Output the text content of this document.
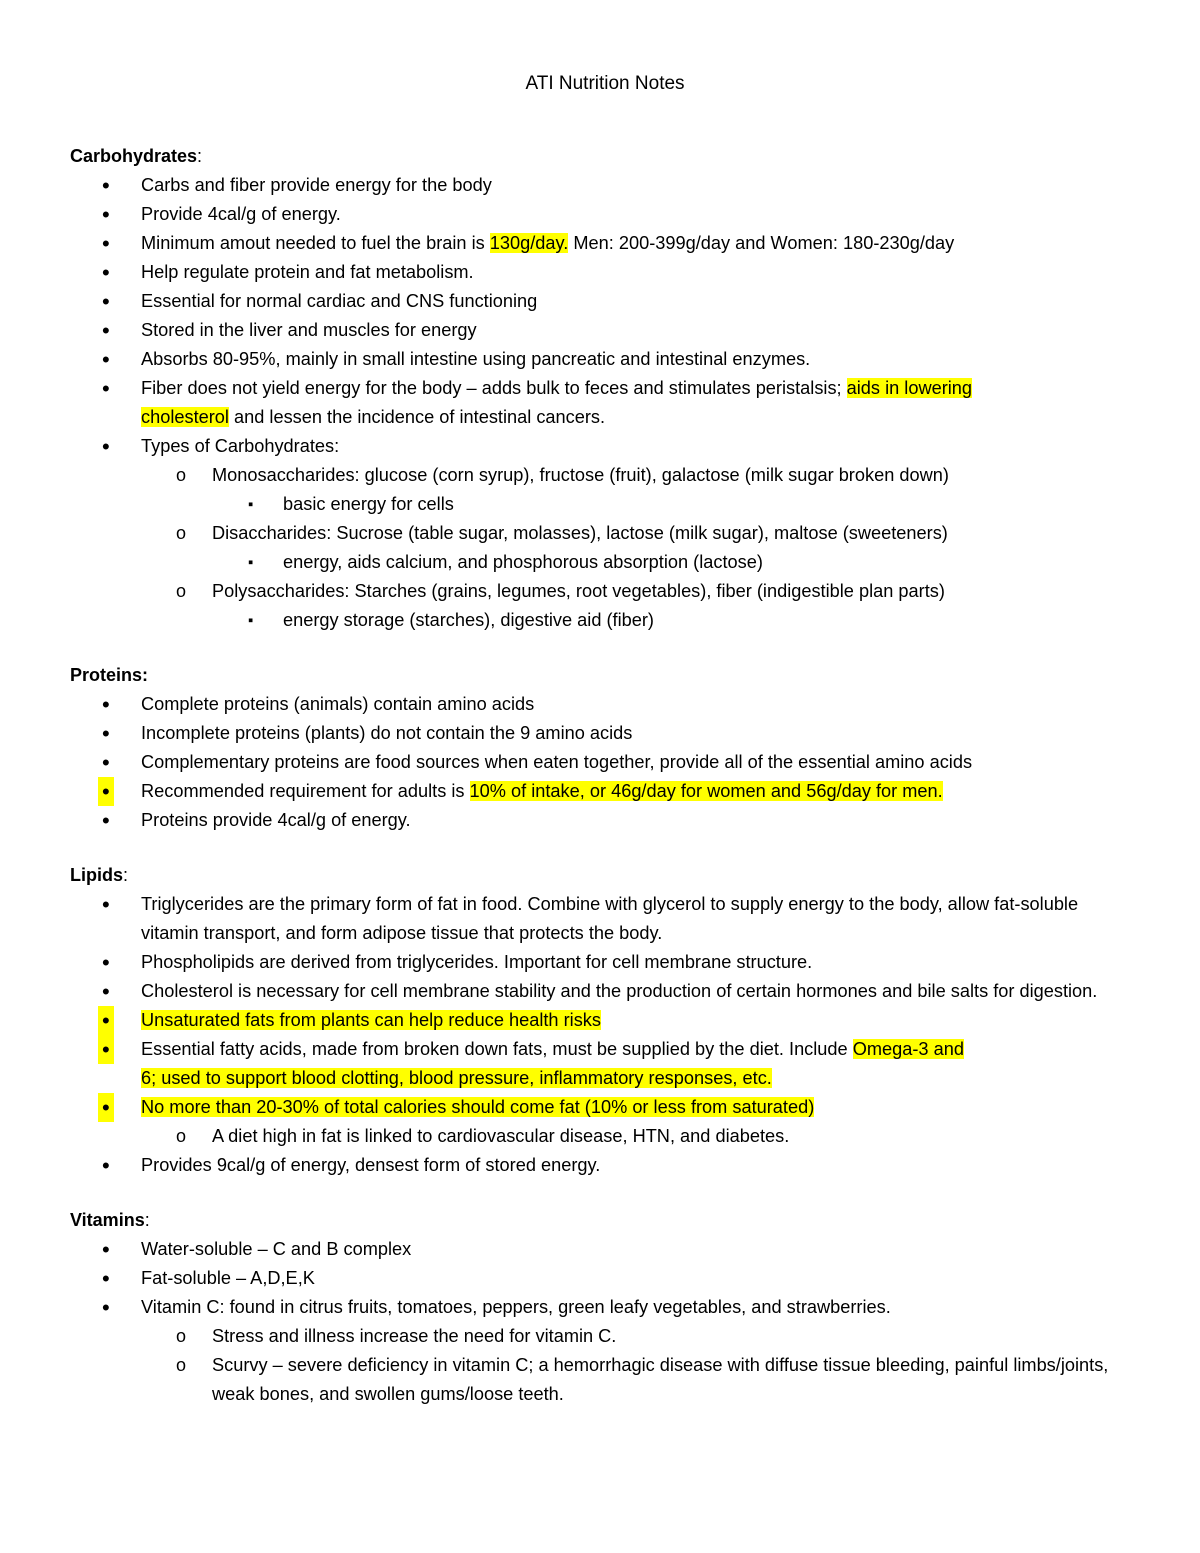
ATI Nutrition Notes
Carbohydrates:
• Carbs and fiber provide energy for the body
• Provide 4cal/g of energy.
• Minimum amout needed to fuel the brain is 130g/day. Men: 200-399g/day and Women: 180-230g/day
• Help regulate protein and fat metabolism.
• Essential for normal cardiac and CNS functioning
• Stored in the liver and muscles for energy
• Absorbs 80-95%, mainly in small intestine using pancreatic and intestinal enzymes.
• Fiber does not yield energy for the body – adds bulk to feces and stimulates peristalsis; aids in lowering
cholesterol and lessen the incidence of intestinal cancers.
• Types of Carbohydrates:
o Monosaccharides: glucose (corn syrup), fructose (fruit), galactose (milk sugar broken down)
▪ basic energy for cells
o Disaccharides: Sucrose (table sugar, molasses), lactose (milk sugar), maltose (sweeteners)
▪ energy, aids calcium, and phosphorous absorption (lactose)
o Polysaccharides: Starches (grains, legumes, root vegetables), fiber (indigestible plan parts)
▪ energy storage (starches), digestive aid (fiber)
Proteins:
• Complete proteins (animals) contain amino acids
• Incomplete proteins (plants) do not contain the 9 amino acids
• Complementary proteins are food sources when eaten together, provide all of the essential amino acids
• Recommended requirement for adults is 10% of intake, or 46g/day for women and 56g/day for men.
• Proteins provide 4cal/g of energy.
Lipids:
• Triglycerides are the primary form of fat in food. Combine with glycerol to supply energy to the body, allow fat-soluble vitamin transport, and form adipose tissue that protects the body.
• Phospholipids are derived from triglycerides. Important for cell membrane structure.
• Cholesterol is necessary for cell membrane stability and the production of certain hormones and bile salts for digestion.
• Unsaturated fats from plants can help reduce health risks
• Essential fatty acids, made from broken down fats, must be supplied by the diet. Include Omega-3 and
6; used to support blood clotting, blood pressure, inflammatory responses, etc.
• No more than 20-30% of total calories should come fat (10% or less from saturated)
o A diet high in fat is linked to cardiovascular disease, HTN, and diabetes.
• Provides 9cal/g of energy, densest form of stored energy.
Vitamins:
• Water-soluble – C and B complex
• Fat-soluble – A,D,E,K
• Vitamin C: found in citrus fruits, tomatoes, peppers, green leafy vegetables, and strawberries.
o Stress and illness increase the need for vitamin C.
o Scurvy – severe deficiency in vitamin C; a hemorrhagic disease with diffuse tissue bleeding, painful limbs/joints, weak bones, and swollen gums/loose teeth.
